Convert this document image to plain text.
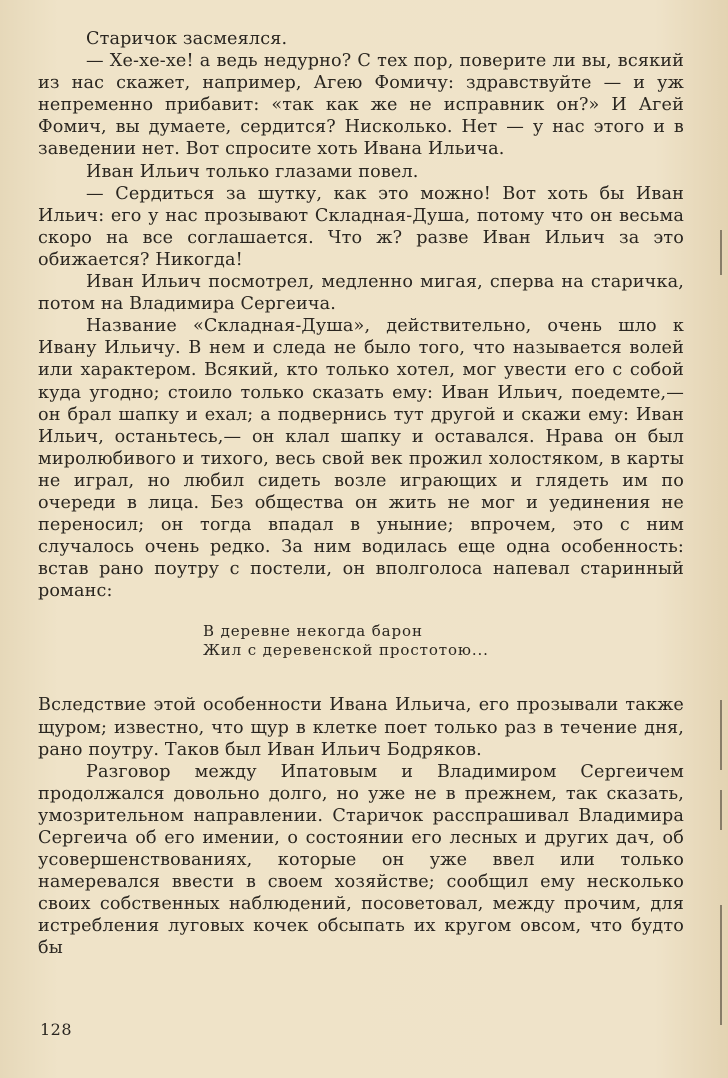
Старичок засмеялся.

— Хе-хе-хе! а ведь недурно? С тех пор, поверите ли вы, всякий из нас скажет, например, Агею Фомичу: здравствуйте — и уж непременно прибавит: «так как же не исправник он?» И Агей Фомич, вы думаете, сердится? Нисколько. Нет — у нас этого и в заведении нет. Вот спросите хоть Ивана Ильича.

Иван Ильич только глазами повел.

— Сердиться за шутку, как это можно! Вот хоть бы Иван Ильич: его у нас прозывают Складная-Душа, потому что он весьма скоро на все соглашается. Что ж? разве Иван Ильич за это обижается? Никогда!

Иван Ильич посмотрел, медленно мигая, сперва на старичка, потом на Владимира Сергеича.

Название «Складная-Душа», действительно, очень шло к Ивану Ильичу. В нем и следа не было того, что называется волей или характером. Всякий, кто только хотел, мог увести его с собой куда угодно; стоило только сказать ему: Иван Ильич, поедемте,— он брал шапку и ехал; а подвернись тут другой и скажи ему: Иван Ильич, останьтесь,— он клал шапку и оставался. Нрава он был миролюбивого и тихого, весь свой век прожил холостяком, в карты не играл, но любил сидеть возле играющих и глядеть им по очереди в лица. Без общества он жить не мог и уединения не переносил; он тогда впадал в уныние; впрочем, это с ним случалось очень редко. За ним водилась еще одна особенность: встав рано поутру с постели, он вполголоса напевал старинный романс:

В деревне некогда барон
Жил с деревенской простотою...

Вследствие этой особенности Ивана Ильича, его прозывали также щуром; известно, что щур в клетке поет только раз в течение дня, рано поутру. Таков был Иван Ильич Бодряков.

Разговор между Ипатовым и Владимиром Сергеичем продолжался довольно долго, но уже не в прежнем, так сказать, умозрительном направлении. Старичок расспрашивал Владимира Сергеича об его имении, о состоянии его лесных и других дач, об усовершенствованиях, которые он уже ввел или только намеревался ввести в своем хозяйстве; сообщил ему несколько своих собственных наблюдений, посоветовал, между прочим, для истребления луговых кочек обсыпать их кругом овсом, что будто бы

128
